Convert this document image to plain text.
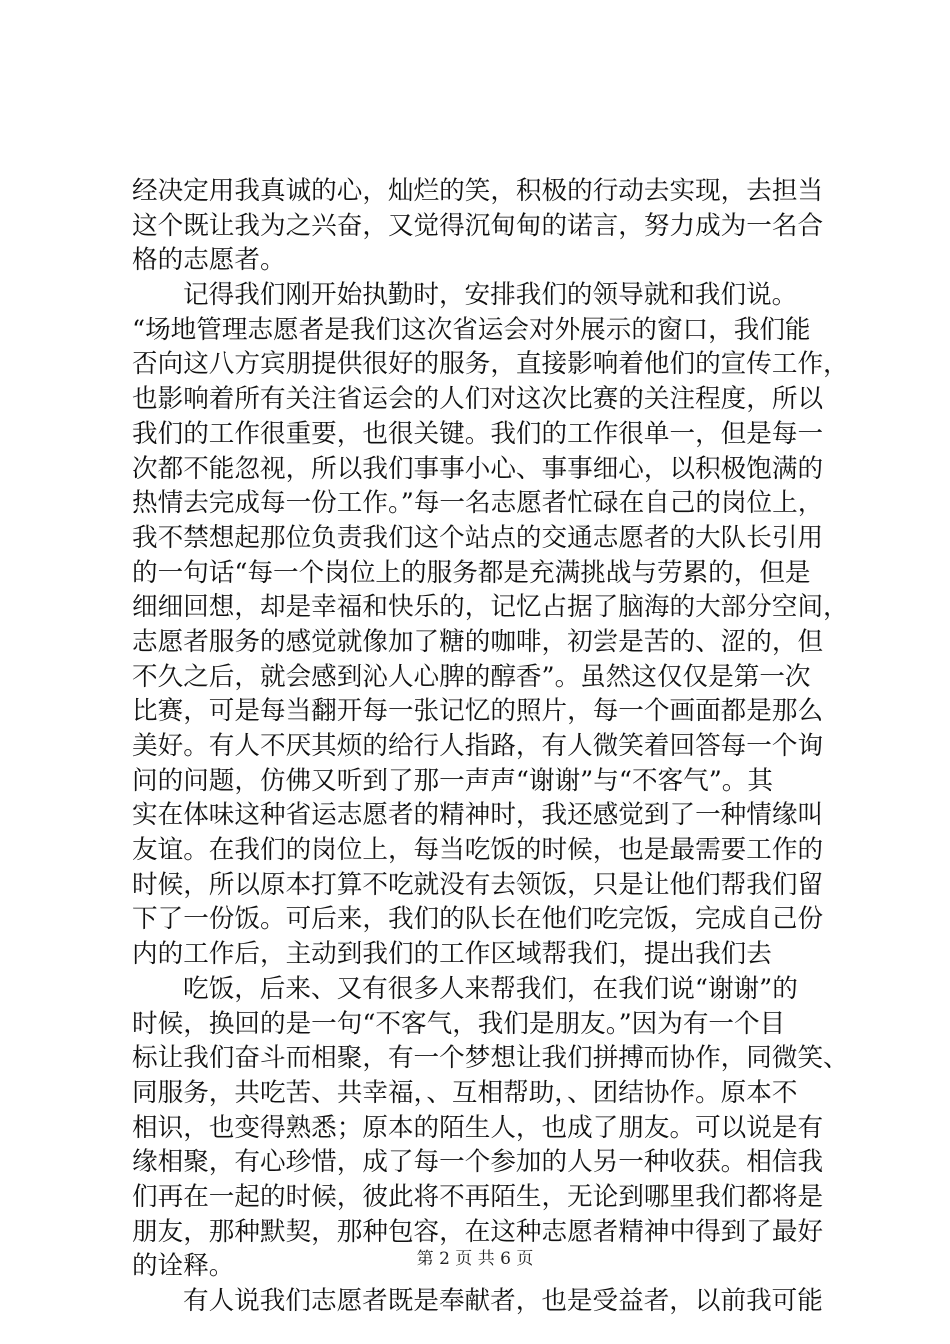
经决定用我真诚的心，灿烂的笑，积极的行动去实现，去担当
这个既让我为之兴奋，又觉得沉甸甸的诺言，努力成为一名合
格的志愿者。
记得我们刚开始执勤时，安排我们的领导就和我们说。
“场地管理志愿者是我们这次省运会对外展示的窗口，我们能
否向这八方宾朋提供很好的服务，直接影响着他们的宣传工作，
也影响着所有关注省运会的人们对这次比赛的关注程度，所以
我们的工作很重要，也很关键。我们的工作很单一，但是每一
次都不能忽视，所以我们事事小心、事事细心，以积极饱满的
热情去完成每一份工作。”每一名志愿者忙碌在自己的岗位上，
我不禁想起那位负责我们这个站点的交通志愿者的大队长引用
的一句话“每一个岗位上的服务都是充满挑战与劳累的，但是
细细回想，却是幸福和快乐的，记忆占据了脑海的大部分空间，
志愿者服务的感觉就像加了糖的咖啡，初尝是苦的、涩的，但
不久之后，就会感到沁人心脾的醇香”。虽然这仅仅是第一次
比赛，可是每当翻开每一张记忆的照片，每一个画面都是那么
美好。有人不厌其烦的给行人指路，有人微笑着回答每一个询
问的问题，仿佛又听到了那一声声“谢谢”与“不客气”。其
实在体味这种省运志愿者的精神时，我还感觉到了一种情缘叫
友谊。在我们的岗位上，每当吃饭的时候，也是最需要工作的
时候，所以原本打算不吃就没有去领饭，只是让他们帮我们留
下了一份饭。可后来，我们的队长在他们吃完饭，完成自己份
内的工作后，主动到我们的工作区域帮我们，提出我们去
吃饭，后来、又有很多人来帮我们，在我们说“谢谢”的
时候，换回的是一句“不客气，我们是朋友。”因为有一个目
标让我们奋斗而相聚，有一个梦想让我们拼搏而协作，同微笑、
同服务，共吃苦、共幸福，、互相帮助，、团结协作。原本不
相识，也变得熟悉；原本的陌生人，也成了朋友。可以说是有
缘相聚，有心珍惜，成了每一个参加的人另一种收获。相信我
们再在一起的时候，彼此将不再陌生，无论到哪里我们都将是
朋友，那种默契，那种包容，在这种志愿者精神中得到了最好
的诠释。
有人说我们志愿者既是奉献者，也是受益者，以前我可能
第 2 页 共 6 页
